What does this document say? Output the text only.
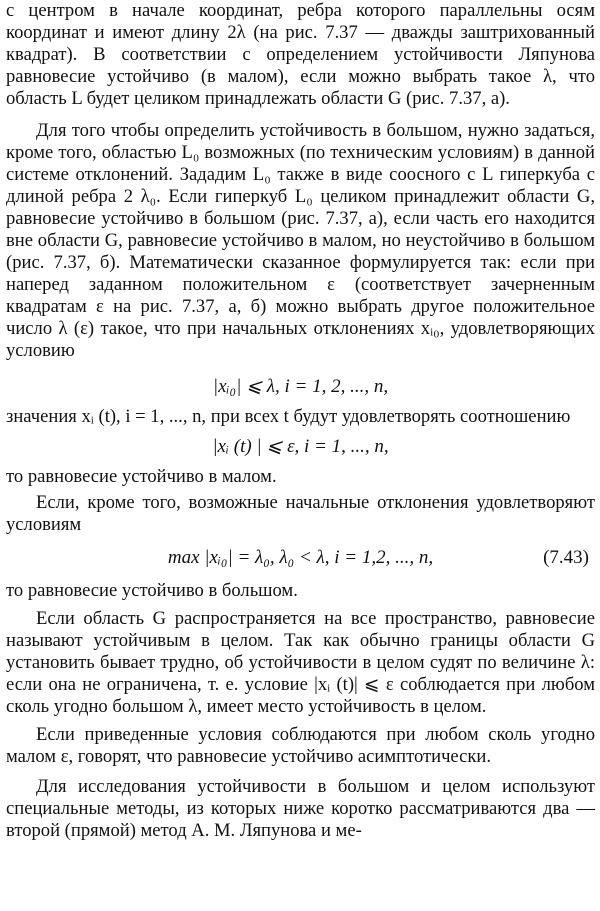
с центром в начале координат, ребра которого параллельны осям координат и имеют длину 2λ (на рис. 7.37 — дважды заштрихованный квадрат). В соответствии с определением устойчивости Ляпунова равновесие устойчиво (в малом), если можно выбрать такое λ, что область L будет целиком принадлежать области G (рис. 7.37, а).

Для того чтобы определить устойчивость в большом, нужно задаться, кроме того, областью L₀ возможных (по техническим условиям) в данной системе отклонений. Зададим L₀ также в виде соосного с L гиперкуба с длиной ребра 2 λ₀. Если гиперкуб L₀ целиком принадлежит области G, равновесие устойчиво в большом (рис. 7.37, а), если часть его находится вне области G, равновесие устойчиво в малом, но неустойчиво в большом (рис. 7.37, б). Математически сказанное формулируется так: если при наперед заданном положительном ε (соответствует зачерненным квадратам ε на рис. 7.37, а, б) можно выбрать другое положительное число λ (ε) такое, что при начальных отклонениях xᵢ₀, удовлетворяющих условию

|xᵢ₀| ⩽ λ, i = 1, 2, ..., n,

значения xᵢ (t), i = 1, ..., n, при всех t будут удовлетворять соотношению

|xᵢ (t) | ⩽ ε, i = 1, ..., n,

то равновесие устойчиво в малом.

Если, кроме того, возможные начальные отклонения удовлетворяют условиям

max |xᵢ₀| = λ₀, λ₀ < λ, i = 1,2, ..., n,	(7.43)

то равновесие устойчиво в большом.

Если область G распространяется на все пространство, равновесие называют устойчивым в целом. Так как обычно границы области G установить бывает трудно, об устойчивости в целом судят по величине λ: если она не ограничена, т. е. условие |xᵢ (t)| ⩽ ε соблюдается при любом сколь угодно большом λ, имеет место устойчивость в целом.

Если приведенные условия соблюдаются при любом сколь угодно малом ε, говорят, что равновесие устойчиво асимптотически.

Для исследования устойчивости в большом и целом используют специальные методы, из которых ниже коротко рассматриваются два — второй (прямой) метод А. М. Ляпунова и ме-
